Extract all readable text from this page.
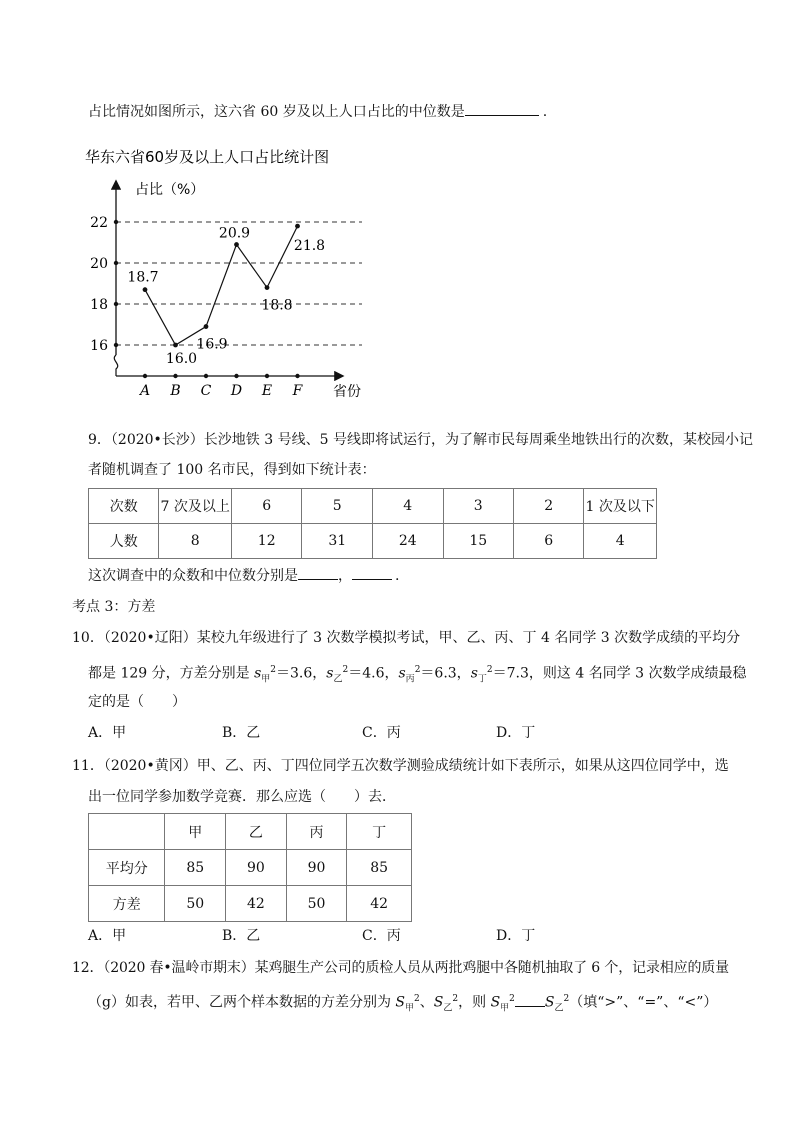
占比情况如图所示，这六省 60 岁及以上人口占比的中位数是	.
华东六省60岁及以上人口占比统计图
占比（%）
省份
16
18
20
22
A B C D E F
18.7
16.0
16.9
20.9
18.8
21.8
9．（2020•长沙）长沙地铁 3 号线、5 号线即将试运行，为了解市民每周乘坐地铁出行的次数，某校园小记
者随机调查了 100 名市民，得到如下统计表：
次数	7 次及以上	6	5	4	3	2	1 次及以下
人数	8	12	31	24	15	6	4
这次调查中的众数和中位数分别是	，	.
考点 3：方差
10．（2020•辽阳）某校九年级进行了 3 次数学模拟考试，甲、乙、丙、丁 4 名同学 3 次数学成绩的平均分
都是 129 分，方差分别是 $s_甲^2=3.6$，$s_乙^2=4.6$，$s_丙^2=6.3$，$s_丁^2=7.3$，则这 4 名同学 3 次数学成绩最稳
定的是（　　）
A．甲	B．乙	C．丙	D．丁
11．（2020•黄冈）甲、乙、丙、丁四位同学五次数学测验成绩统计如下表所示，如果从这四位同学中，选
出一位同学参加数学竞赛．那么应选（　　）去．
	甲	乙	丙	丁
平均分	85	90	90	85
方差	50	42	50	42
A．甲	B．乙	C．丙	D．丁
12．（2020 春•温岭市期末）某鸡腿生产公司的质检人员从两批鸡腿中各随机抽取了 6 个，记录相应的质量
（g）如表，若甲、乙两个样本数据的方差分别为 $S_甲^2$、$S_乙^2$，则 $S_甲^2$ $S_乙^2$（填“>”、“=”、“<”）
